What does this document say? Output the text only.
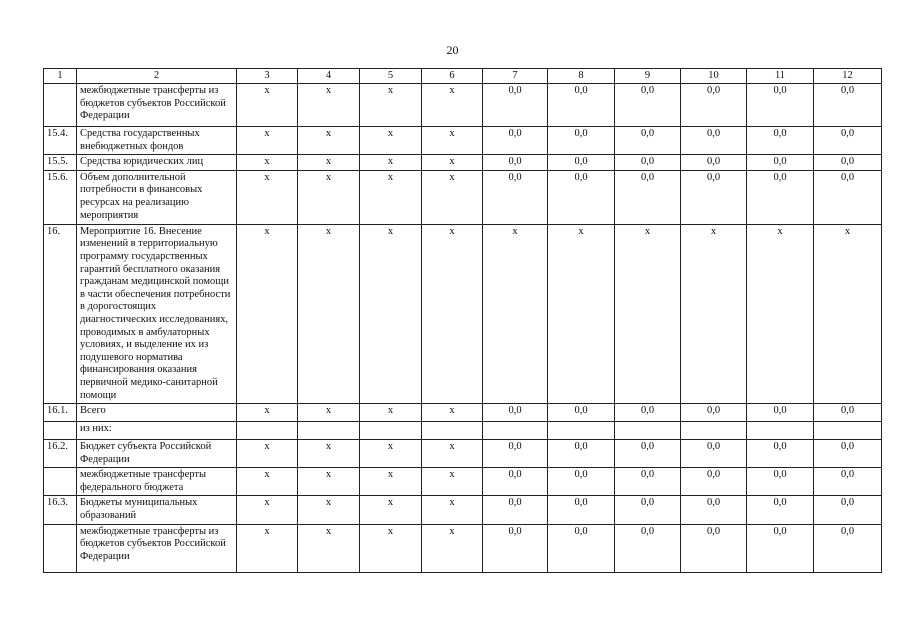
20
1	2	3	4	5	6	7	8	9	10	11	12
	межбюджетные трансферты из бюджетов субъектов Российской Федерации	x	x	x	x	0,0	0,0	0,0	0,0	0,0	0,0
15.4.	Средства государственных внебюджетных фондов	x	x	x	x	0,0	0,0	0,0	0,0	0,0	0,0
15.5.	Средства юридических лиц	x	x	x	x	0,0	0,0	0,0	0,0	0,0	0,0
15.6.	Объем дополнительной потребности в финансовых ресурсах на реализацию мероприятия	x	x	x	x	0,0	0,0	0,0	0,0	0,0	0,0
16.	Мероприятие 16. Внесение изменений в территориальную программу государственных гарантий бесплатного оказания гражданам медицинской помощи в части обеспечения потребности в дорогостоящих диагностических исследованиях, проводимых в амбулаторных условиях, и выделение их из подушевого норматива финансирования оказания первичной медико-санитарной помощи	x	x	x	x	x	x	x	x	x	x
16.1.	Всего	x	x	x	x	0,0	0,0	0,0	0,0	0,0	0,0
	из них:										
16.2.	Бюджет субъекта Российской Федерации	x	x	x	x	0,0	0,0	0,0	0,0	0,0	0,0
	межбюджетные трансферты федерального бюджета	x	x	x	x	0,0	0,0	0,0	0,0	0,0	0,0
16.3.	Бюджеты муниципальных образований	x	x	x	x	0,0	0,0	0,0	0,0	0,0	0,0
	межбюджетные трансферты из бюджетов субъектов Российской Федерации	x	x	x	x	0,0	0,0	0,0	0,0	0,0	0,0
